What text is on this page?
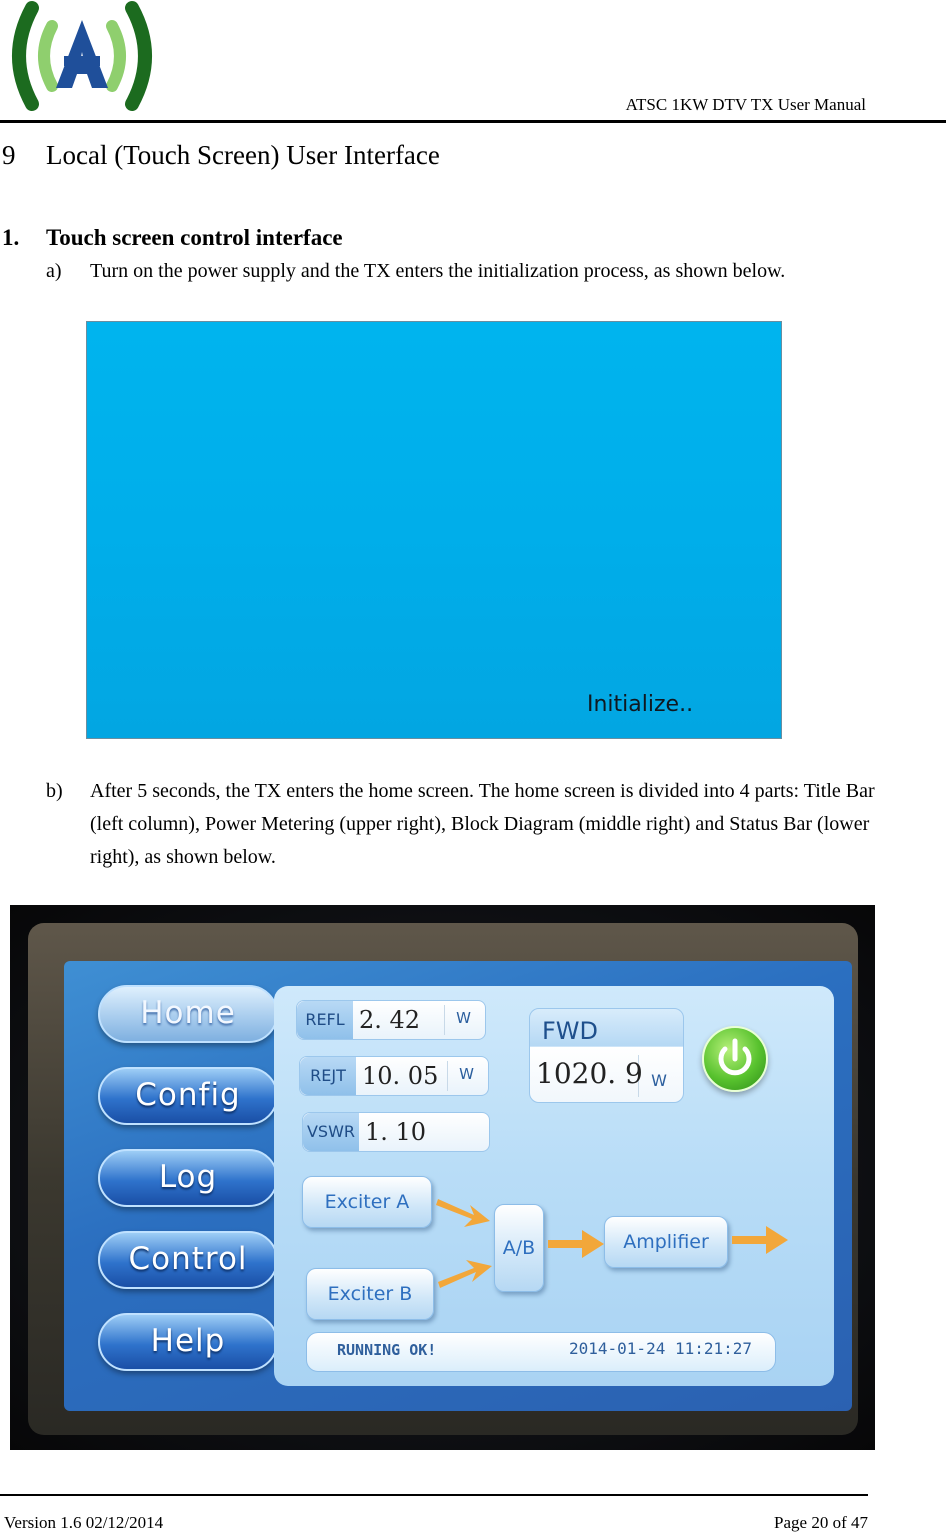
ATSC 1KW DTV TX User Manual
9 Local (Touch Screen) User Interface
1. Touch screen control interface
a) Turn on the power supply and the TX enters the initialization process, as shown below.
Initialize..
b) After 5 seconds, the TX enters the home screen. The home screen is divided into 4 parts: Title Bar (left column), Power Metering (upper right), Block Diagram (middle right) and Status Bar (lower right), as shown below.
Home
Config
Log
Control
Help
REFL 2. 42 W
REJT 10. 05 W
VSWR 1. 10
FWD
1020. 9 W
Exciter A
Exciter B
A/B	Amplifier
RUNNING OK!	2014-01-24 11:21:27
Version 1.6 02/12/2014	Page 20 of 47
